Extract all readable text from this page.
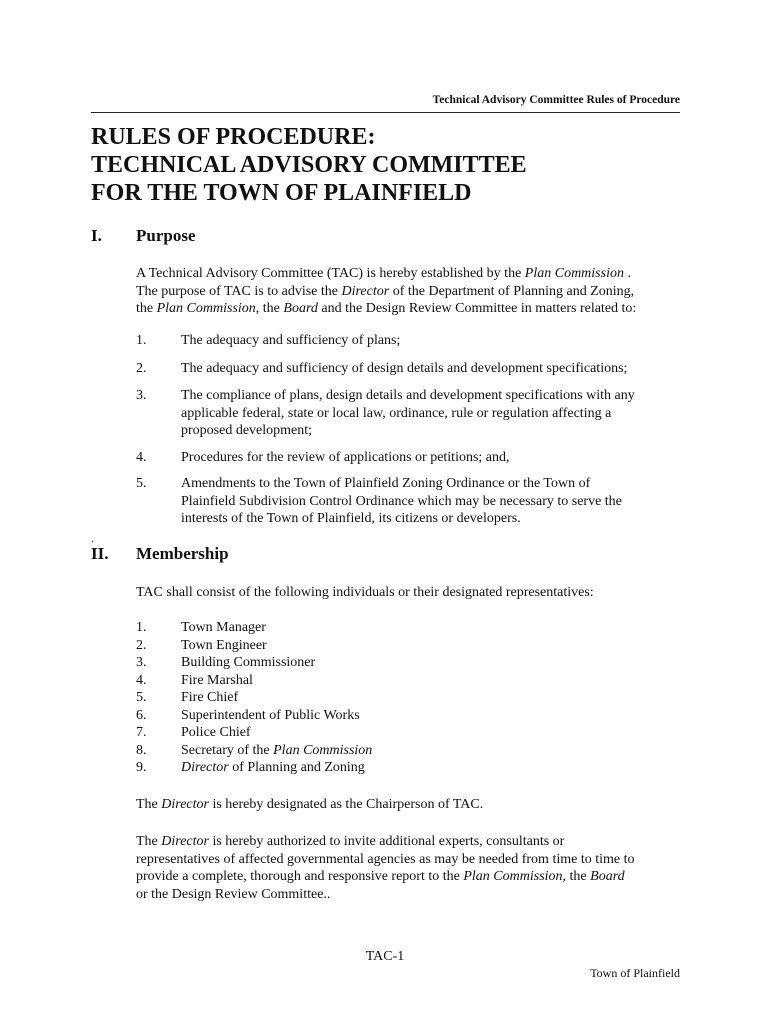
Technical Advisory Committee Rules of Procedure
RULES OF PROCEDURE:
TECHNICAL ADVISORY COMMITTEE
FOR THE TOWN OF PLAINFIELD
I. Purpose

A Technical Advisory Committee (TAC) is hereby established by the Plan Commission .

The purpose of TAC is to advise the Director of the Department of Planning and Zoning,

the Plan Commission, the Board and the Design Review Committee in matters related to:

1.	The adequacy and sufficiency of plans;
2.	The adequacy and sufficiency of design details and development specifications;
3.	The compliance of plans, design details and development specifications with any
applicable federal, state or local law, ordinance, rule or regulation affecting a
proposed development;
4.	Procedures for the review of applications or petitions; and,
5.	Amendments to the Town of Plainfield Zoning Ordinance or the Town of
Plainfield Subdivision Control Ordinance which may be necessary to serve the
interests of the Town of Plainfield, its citizens or developers.
.
II. Membership

TAC shall consist of the following individuals or their designated representatives:

1.	Town Manager
2.	Town Engineer
3.	Building Commissioner
4.	Fire Marshal
5.	Fire Chief
6.	Superintendent of Public Works
7.	Police Chief
8.	Secretary of the Plan Commission
9.	Director of Planning and Zoning

The Director is hereby designated as the Chairperson of TAC.

The Director is hereby authorized to invite additional experts, consultants or

representatives of affected governmental agencies as may be needed from time to time to

provide a complete, thorough and responsive report to the Plan Commission, the Board

or the Design Review Committee..

TAC-1
Town of Plainfield
